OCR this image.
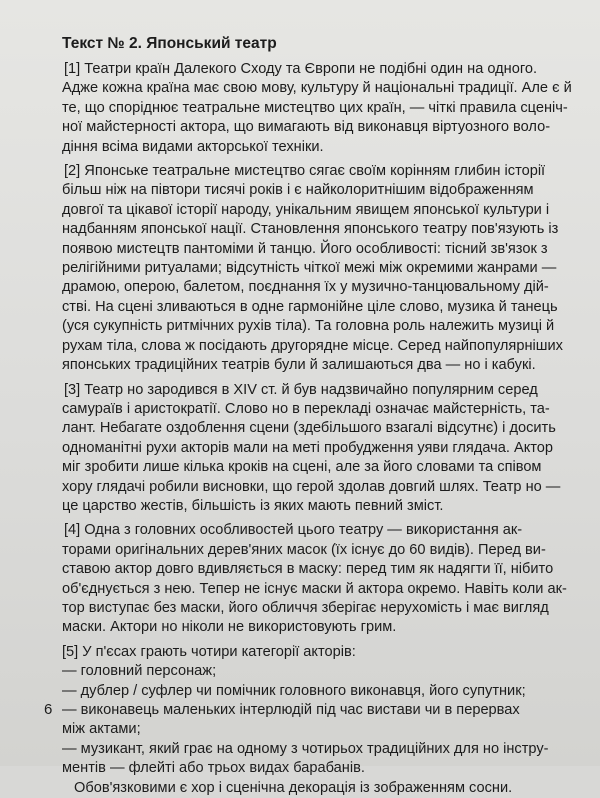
Текст № 2. Японський театр
[1] Театри країн Далекого Сходу та Європи не подібні один на одного.
Адже кожна країна має свою мову, культуру й національні традиції. Але є й
те, що споріднює театральне мистецтво цих країн, — чіткі правила сценіч-
ної майстерності актора, що вимагають від виконавця віртуозного воло-
діння всіма видами акторської техніки.
[2] Японське театральне мистецтво сягає своїм корінням глибин історії
більш ніж на півтори тисячі років і є найколоритнішим відображенням
довгої та цікавої історії народу, унікальним явищем японської культури і
надбанням японської нації. Становлення японського театру пов'язують із
появою мистецтв пантоміми й танцю. Його особливості: тісний зв'язок з
релігійними ритуалами; відсутність чіткої межі між окремими жанрами —
драмою, оперою, балетом, поєднання їх у музично-танцювальному дій-
стві. На сцені зливаються в одне гармонійне ціле слово, музика й танець
(уся сукупність ритмічних рухів тіла). Та головна роль належить музиці й
рухам тіла, слова ж посідають другорядне місце. Серед найпопулярніших
японських традиційних театрів були й залишаються два — но і кабукі.
[3] Театр но зародився в XIV ст. й був надзвичайно популярним серед
самураїв і аристократії. Слово но в перекладі означає майстерність, та-
лант. Небагате оздоблення сцени (здебільшого взагалі відсутнє) і досить
одноманітні рухи акторів мали на меті пробудження уяви глядача. Актор
міг зробити лише кілька кроків на сцені, але за його словами та співом
хору глядачі робили висновки, що герой здолав довгий шлях. Театр но —
це царство жестів, більшість із яких мають певний зміст.
[4] Одна з головних особливостей цього театру — використання ак-
торами оригінальних дерев'яних масок (їх існує до 60 видів). Перед ви-
ставою актор довго вдивляється в маску: перед тим як надягти її, нібито
об'єднується з нею. Тепер не існує маски й актора окремо. Навіть коли ак-
тор виступає без маски, його обличчя зберігає нерухомість і має вигляд
маски. Актори но ніколи не використовують грим.
[5] У п'єсах грають чотири категорії акторів:
— головний персонаж;
— дублер / суфлер чи помічник головного виконавця, його супутник;
— виконавець маленьких інтерлюдій під час вистави чи в перервах
між актами;
— музикант, який грає на одному з чотирьох традиційних для но інстру-
ментів — флейті або трьох видах барабанів.
Обов'язковими є хор і сценічна декорація із зображенням сосни.
6
